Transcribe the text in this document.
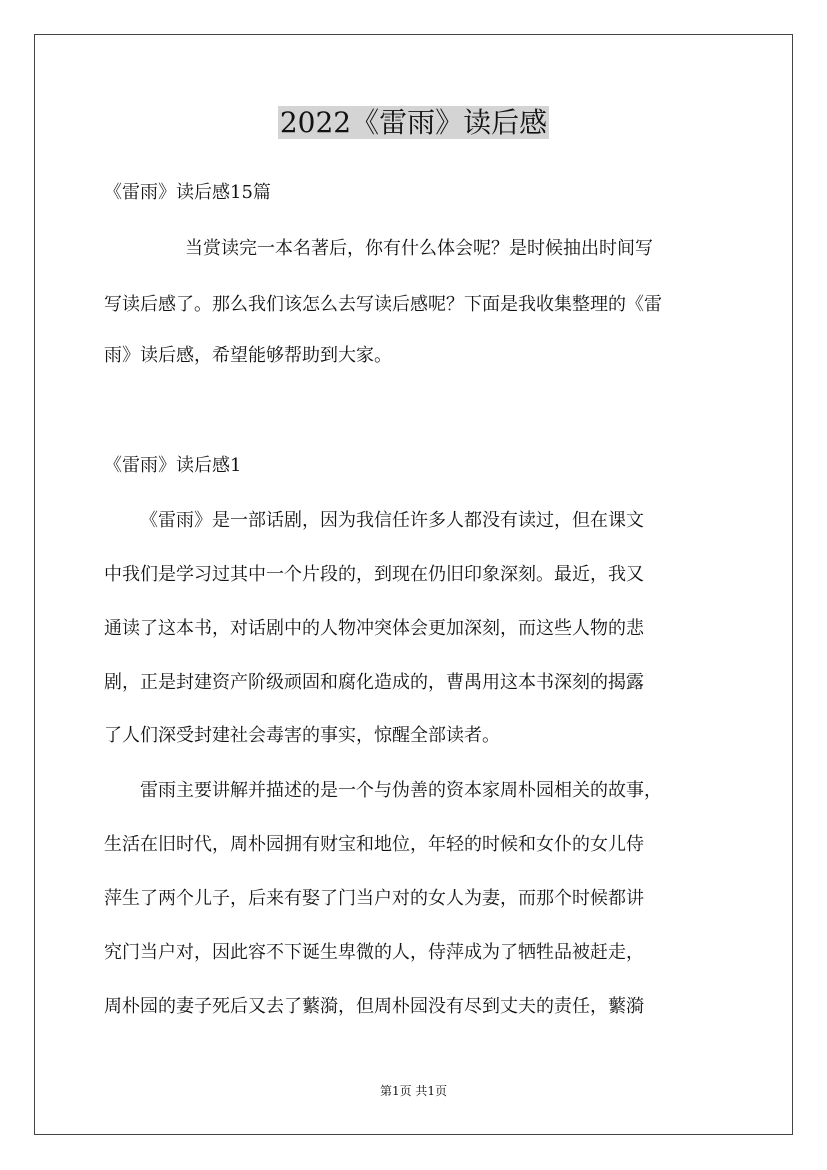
2022《雷雨》读后感
《雷雨》读后感15篇
当赏读完一本名著后，你有什么体会呢？是时候抽出时间写
写读后感了。那么我们该怎么去写读后感呢？下面是我收集整理的《雷
雨》读后感，希望能够帮助到大家。
《雷雨》读后感1
《雷雨》是一部话剧，因为我信任许多人都没有读过，但在课文
中我们是学习过其中一个片段的，到现在仍旧印象深刻。最近，我又
通读了这本书，对话剧中的人物冲突体会更加深刻，而这些人物的悲
剧，正是封建资产阶级顽固和腐化造成的，曹禺用这本书深刻的揭露
了人们深受封建社会毒害的事实，惊醒全部读者。
雷雨主要讲解并描述的是一个与伪善的资本家周朴园相关的故事，
生活在旧时代，周朴园拥有财宝和地位，年轻的时候和女仆的女儿侍
萍生了两个儿子，后来有娶了门当户对的女人为妻，而那个时候都讲
究门当户对，因此容不下诞生卑微的人，侍萍成为了牺牲品被赶走，
周朴园的妻子死后又去了蘩漪，但周朴园没有尽到丈夫的责任，蘩漪
第1页 共1页
